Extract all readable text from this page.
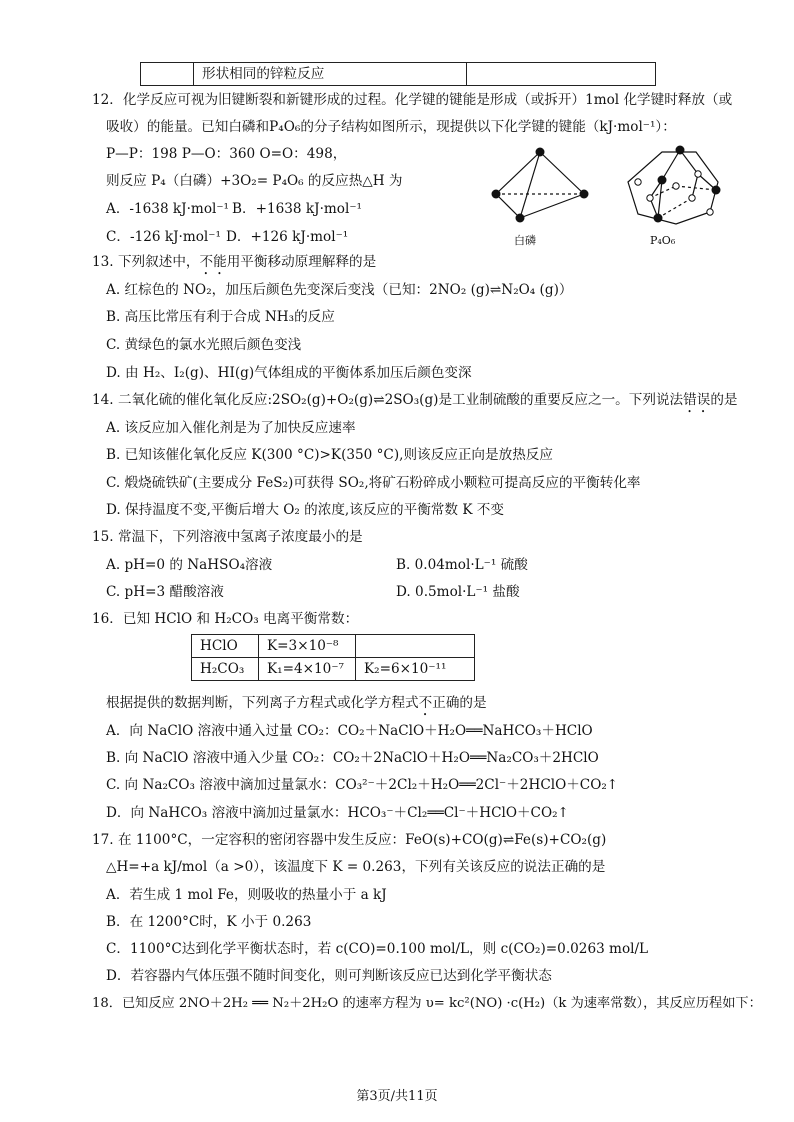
	形状相同的锌粒反应	
12．化学反应可视为旧键断裂和新键形成的过程。化学键的键能是形成（或拆开）1mol 化学键时释放（或
吸收）的能量。已知白磷和P₄O₆的分子结构如图所示，现提供以下化学键的键能（kJ·mol⁻¹）：
P—P：198 P—O：360 O=O：498，
则反应 P₄（白磷）+3O₂= P₄O₆ 的反应热△H 为
A．-1638 kJ·mol⁻¹ B．+1638 kJ·mol⁻¹
C．-126 kJ·mol⁻¹ D．+126 kJ·mol⁻¹	白磷	P₄O₆
13. 下列叙述中，不能用平衡移动原理解释的是
A. 红棕色的 NO₂，加压后颜色先变深后变浅（已知：2NO₂ (g)⇌N₂O₄ (g)）
B. 高压比常压有利于合成 NH₃的反应
C. 黄绿色的氯水光照后颜色变浅
D. 由 H₂、I₂(g)、HI(g)气体组成的平衡体系加压后颜色变深
14. 二氧化硫的催化氧化反应:2SO₂(g)+O₂(g)⇌2SO₃(g)是工业制硫酸的重要反应之一。下列说法错误的是
A. 该反应加入催化剂是为了加快反应速率
B. 已知该催化氧化反应 K(300 °C)>K(350 °C),则该反应正向是放热反应
C. 煅烧硫铁矿(主要成分 FeS₂)可获得 SO₂,将矿石粉碎成小颗粒可提高反应的平衡转化率
D. 保持温度不变,平衡后增大 O₂ 的浓度,该反应的平衡常数 K 不变
15. 常温下，下列溶液中氢离子浓度最小的是
A. pH=0 的 NaHSO₄溶液	B. 0.04mol·L⁻¹ 硫酸
C. pH=3 醋酸溶液	D. 0.5mol·L⁻¹ 盐酸
16．已知 HClO 和 H₂CO₃ 电离平衡常数：
HClO	K=3×10⁻⁸	
H₂CO₃	K₁=4×10⁻⁷	K₂=6×10⁻¹¹
根据提供的数据判断，下列离子方程式或化学方程式不正确的是
A．向 NaClO 溶液中通入过量 CO₂：CO₂＋NaClO＋H₂O══NaHCO₃＋HClO
B. 向 NaClO 溶液中通入少量 CO₂：CO₂＋2NaClO＋H₂O══Na₂CO₃＋2HClO
C. 向 Na₂CO₃ 溶液中滴加过量氯水：CO₃²⁻＋2Cl₂＋H₂O══2Cl⁻＋2HClO＋CO₂↑
D．向 NaHCO₃ 溶液中滴加过量氯水：HCO₃⁻＋Cl₂══Cl⁻＋HClO＋CO₂↑
17. 在 1100°C，一定容积的密闭容器中发生反应：FeO(s)+CO(g)⇌Fe(s)+CO₂(g)
△H=+a kJ/mol（a >0），该温度下 K = 0.263，下列有关该反应的说法正确的是
A．若生成 1 mol Fe，则吸收的热量小于 a kJ
B．在 1200°C时，K 小于 0.263
C．1100°C达到化学平衡状态时，若 c(CO)=0.100 mol/L，则 c(CO₂)=0.0263 mol/L
D．若容器内气体压强不随时间变化，则可判断该反应已达到化学平衡状态
18．已知反应 2NO＋2H₂ ══ N₂＋2H₂O 的速率方程为 υ= kc²(NO) ·c(H₂)（k 为速率常数），其反应历程如下：
第3页/共11页
